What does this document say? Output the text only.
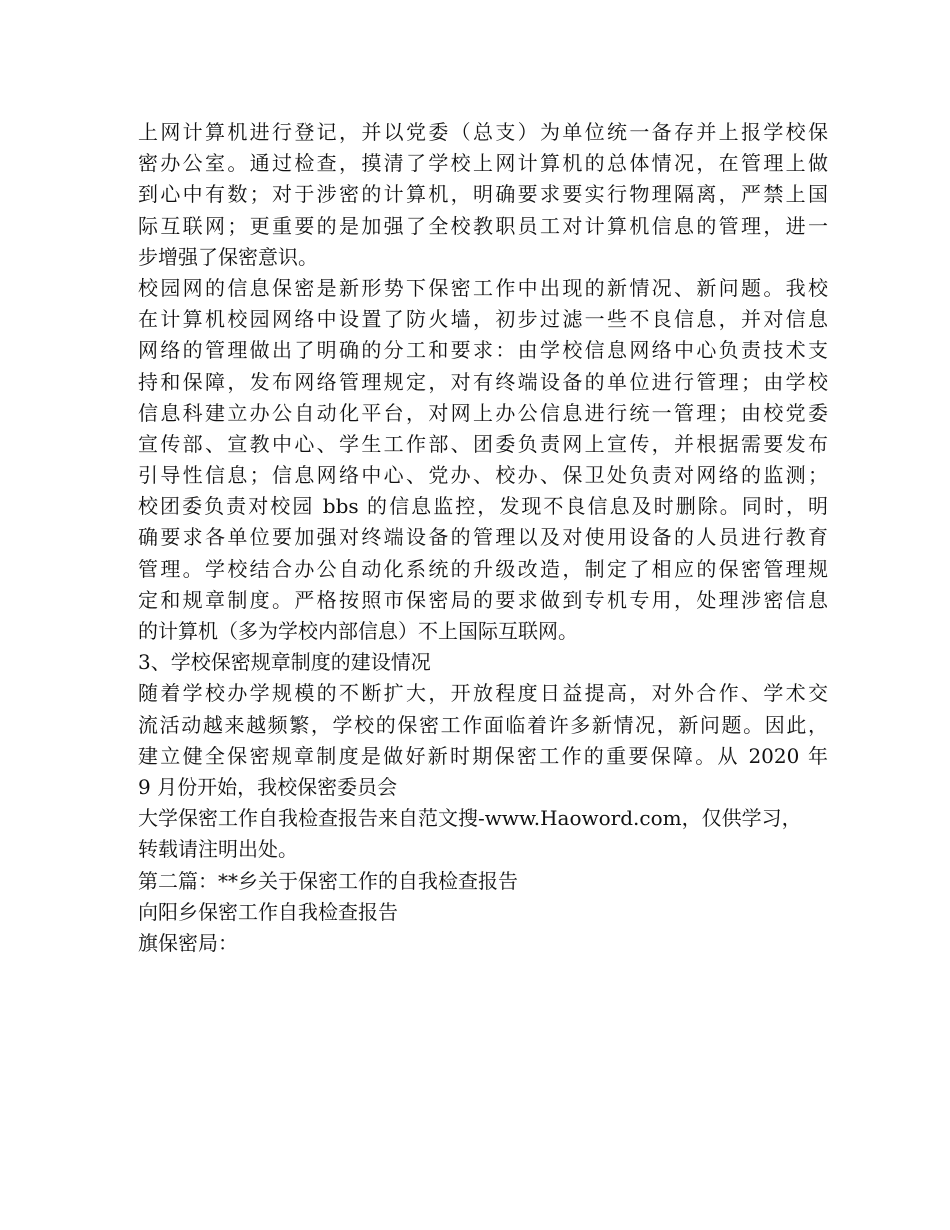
上网计算机进行登记，并以党委（总支）为单位统一备存并上报学校保
密办公室。通过检查，摸清了学校上网计算机的总体情况，在管理上做
到心中有数；对于涉密的计算机，明确要求要实行物理隔离，严禁上国
际互联网；更重要的是加强了全校教职员工对计算机信息的管理，进一
步增强了保密意识。
校园网的信息保密是新形势下保密工作中出现的新情况、新问题。我校
在计算机校园网络中设置了防火墙，初步过滤一些不良信息，并对信息
网络的管理做出了明确的分工和要求：由学校信息网络中心负责技术支
持和保障，发布网络管理规定，对有终端设备的单位进行管理；由学校
信息科建立办公自动化平台，对网上办公信息进行统一管理；由校党委
宣传部、宣教中心、学生工作部、团委负责网上宣传，并根据需要发布
引导性信息；信息网络中心、党办、校办、保卫处负责对网络的监测；
校团委负责对校园 bbs 的信息监控，发现不良信息及时删除。同时，明
确要求各单位要加强对终端设备的管理以及对使用设备的人员进行教育
管理。学校结合办公自动化系统的升级改造，制定了相应的保密管理规
定和规章制度。严格按照市保密局的要求做到专机专用，处理涉密信息
的计算机（多为学校内部信息）不上国际互联网。
3、学校保密规章制度的建设情况
随着学校办学规模的不断扩大，开放程度日益提高，对外合作、学术交
流活动越来越频繁，学校的保密工作面临着许多新情况，新问题。因此，
建立健全保密规章制度是做好新时期保密工作的重要保障。从 2020 年
9 月份开始，我校保密委员会
大学保密工作自我检查报告来自范文搜-www.Haoword.com，仅供学习，
转载请注明出处。
第二篇：**乡关于保密工作的自我检查报告
向阳乡保密工作自我检查报告
旗保密局：
